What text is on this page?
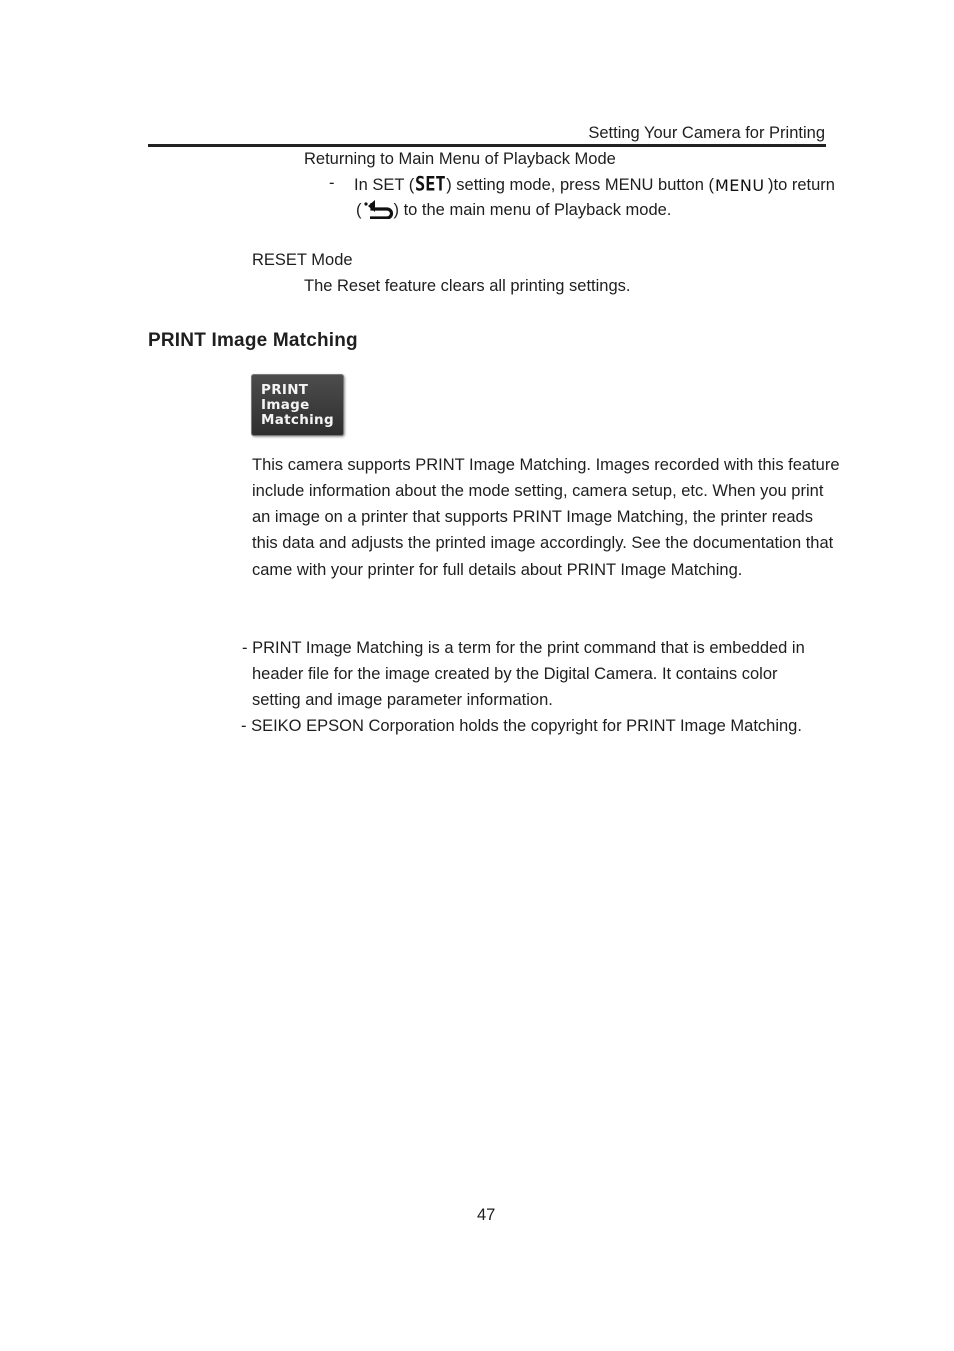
Setting Your Camera for Printing
Returning to Main Menu of Playback Mode
- In SET ( SET ) setting mode, press MENU button ( MENU )to return
( ) to the main menu of Playback mode.
RESET Mode
The Reset feature clears all printing settings.
PRINT Image Matching
PRINT
Image
Matching
This camera supports PRINT Image Matching. Images recorded with this feature
include information about the mode setting, camera setup, etc. When you print
an image on a printer that supports PRINT Image Matching, the printer reads
this data and adjusts the printed image accordingly. See the documentation that
came with your printer for full details about PRINT Image Matching.
- PRINT Image Matching is a term for the print command that is embedded in
header file for the image created by the Digital Camera. It contains color
setting and image parameter information.
- SEIKO EPSON Corporation holds the copyright for PRINT Image Matching.
47
